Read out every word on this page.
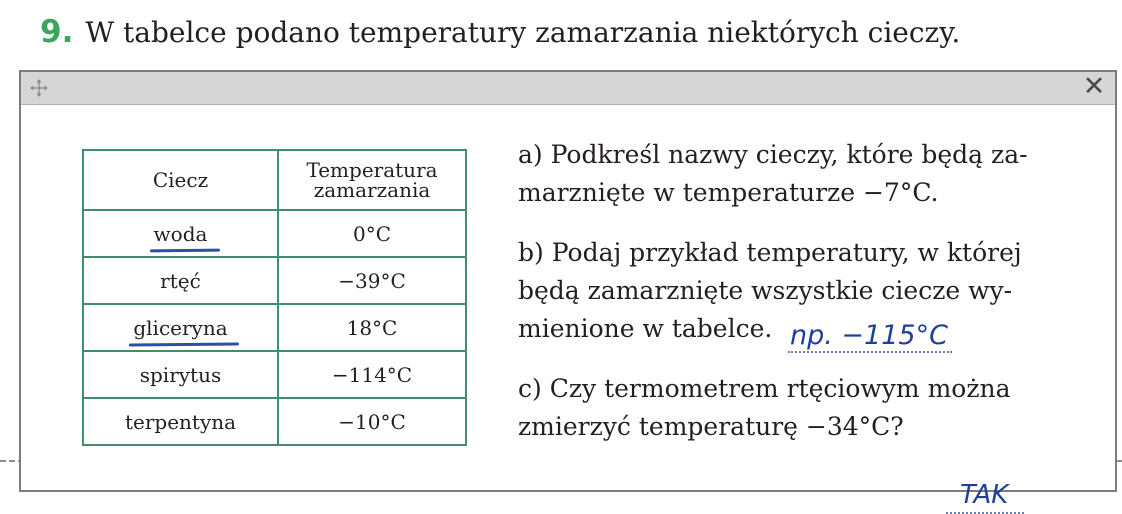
9. W tabelce podano temperatury zamarzania niektórych cieczy.
✕
Ciecz	Temperatura
zamarzania

woda	0°C
rtęć	−39°C
gliceryna	18°C
spirytus	−114°C
terpentyna	−10°C
a) Podkreśl nazwy cieczy, które będą za-
marznięte w temperaturze −7°C.
b) Podaj przykład temperatury, w której
będą zamarznięte wszystkie ciecze wy-
mienione w tabelce.
c) Czy termometrem rtęciowym można
zmierzyć temperaturę −34°C?
np. −115°C
TAK
